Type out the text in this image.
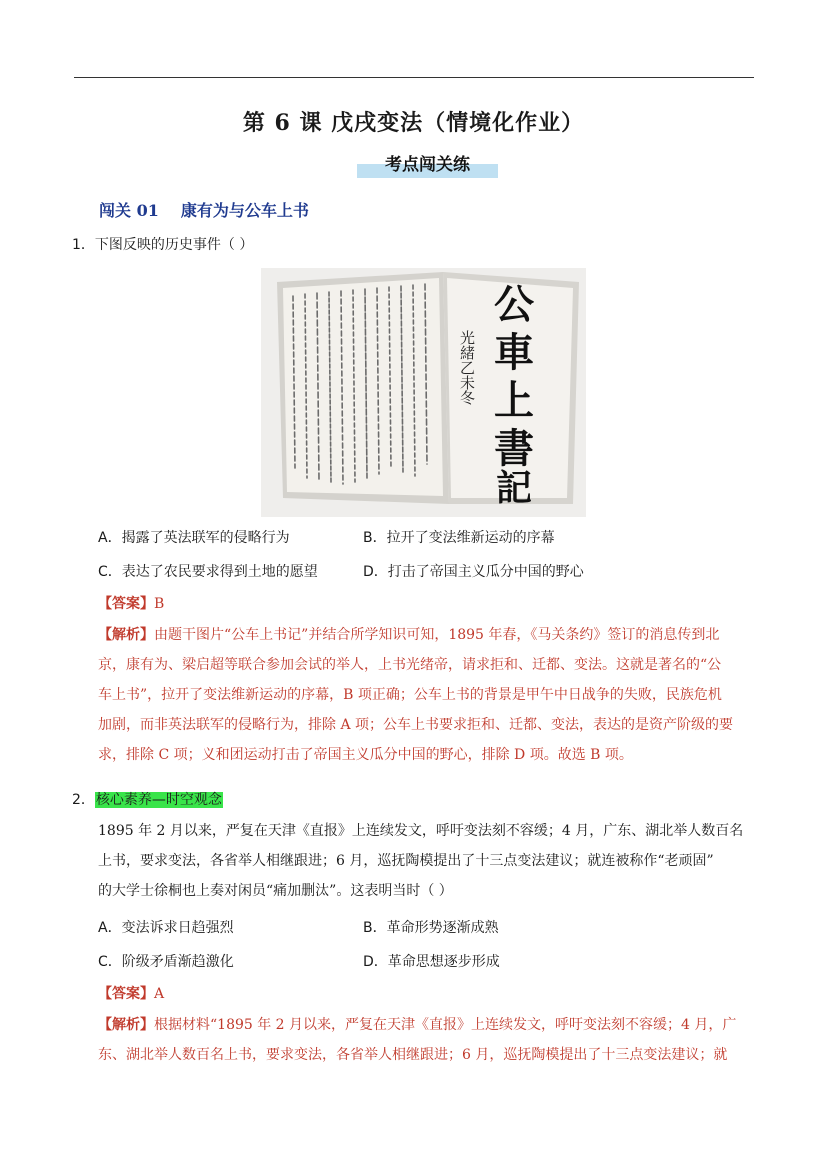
第 6 课 戊戌变法（情境化作业）
考点闯关练
闯关 01 康有为与公车上书
1．下图反映的历史事件（ ）
公
車
上
書
記
光緒乙未冬
A．揭露了英法联军的侵略行为	B．拉开了变法维新运动的序幕
C．表达了农民要求得到土地的愿望	D．打击了帝国主义瓜分中国的野心
【答案】B
【解析】由题干图片“公车上书记”并结合所学知识可知，1895 年春，《马关条约》签订的消息传到北
京，康有为、梁启超等联合参加会试的举人，上书光绪帝，请求拒和、迁都、变法。这就是著名的“公
车上书”，拉开了变法维新运动的序幕，B 项正确；公车上书的背景是甲午中日战争的失败，民族危机
加剧，而非英法联军的侵略行为，排除 A 项；公车上书要求拒和、迁都、变法，表达的是资产阶级的要
求，排除 C 项；义和团运动打击了帝国主义瓜分中国的野心，排除 D 项。故选 B 项。
2．核心素养—时空观念
1895 年 2 月以来，严复在天津《直报》上连续发文，呼吁变法刻不容缓；4 月，广东、湖北举人数百名
上书，要求变法，各省举人相继跟进；6 月，巡抚陶模提出了十三点变法建议；就连被称作“老顽固”
的大学士徐桐也上奏对闲员“痛加删汰”。这表明当时（ ）
A．变法诉求日趋强烈	B．革命形势逐渐成熟
C．阶级矛盾渐趋激化	D．革命思想逐步形成
【答案】A
【解析】根据材料“1895 年 2 月以来，严复在天津《直报》上连续发文，呼吁变法刻不容缓；4 月，广
东、湖北举人数百名上书，要求变法，各省举人相继跟进；6 月，巡抚陶模提出了十三点变法建议；就
